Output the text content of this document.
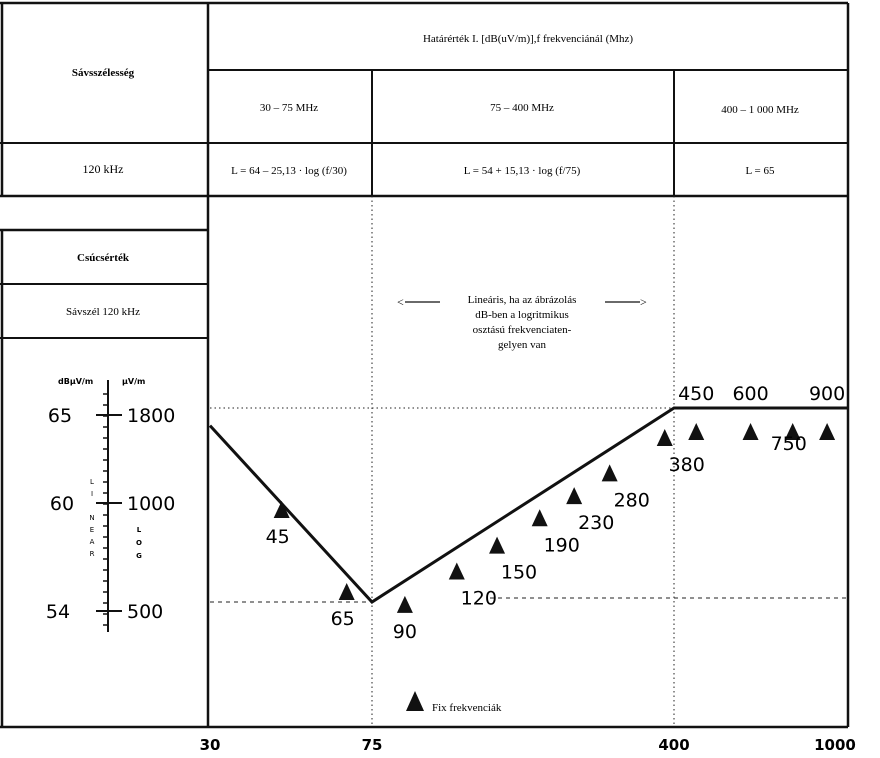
Sávsszélesség
Határérték I. [dB(uV/m)],f frekvenciánál (Mhz)
30 – 75 MHz	75 – 400 MHz	400 – 1 000 MHz
120 kHz	L = 64 – 25,13 · log (f/30)	L = 54 + 15,13 · log (f/75)	L = 65
Csúcsérték
Sávszél 120 kHz
<	>
Lineáris, ha az ábrázolás
dB-ben a logritmikus
osztású frekvenciaten-
gelyen van
dBµV/m	µV/m
65
60
54
1800
1000
500
L
I
N
E
A
R
L
O
G
45
65
90
120
150
190
230
280
380
450 600
750
900
30	75	400	1000
Fix frekvenciák
